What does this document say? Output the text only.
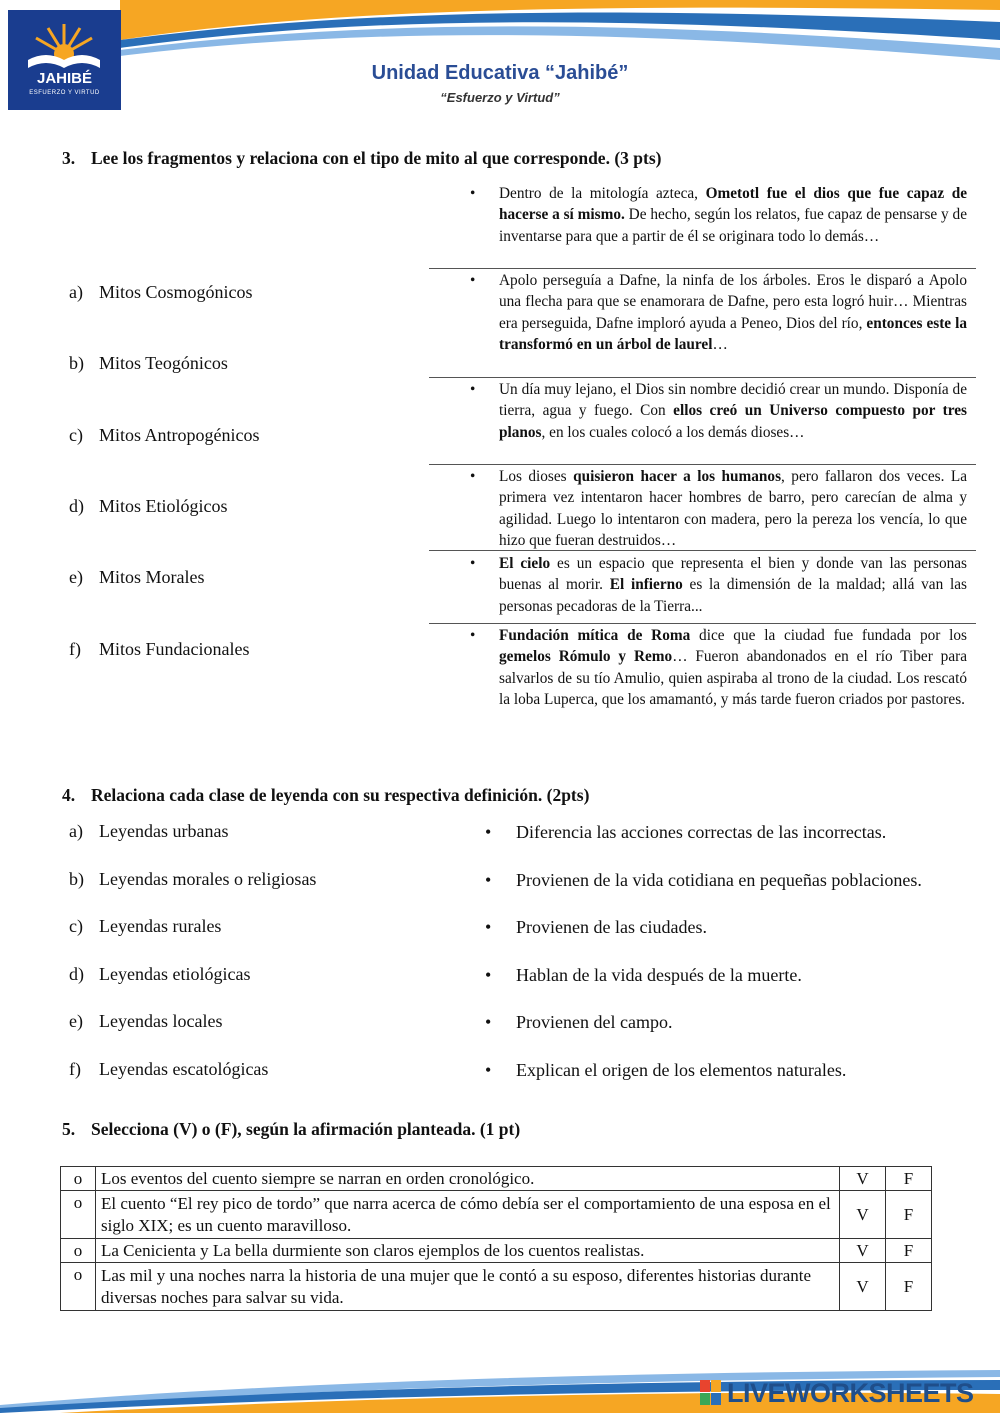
JAHIBÉ
ESFUERZO Y VIRTUD
Unidad Educativa “Jahibé”
“Esfuerzo y Virtud”
3. Lee los fragmentos y relaciona con el tipo de mito al que corresponde. (3 pts)
a) Mitos Cosmogónicos
b) Mitos Teogónicos
c) Mitos Antropogénicos
d) Mitos Etiológicos
e) Mitos Morales
f) Mitos Fundacionales
• Dentro de la mitología azteca, Ometotl fue el dios que fue capaz de hacerse a sí mismo. De hecho, según los relatos, fue capaz de pensarse y de inventarse para que a partir de él se originara todo lo demás…
• Apolo perseguía a Dafne, la ninfa de los árboles. Eros le disparó a Apolo una flecha para que se enamorara de Dafne, pero esta logró huir… Mientras era perseguida, Dafne imploró ayuda a Peneo, Dios del río, entonces este la transformó en un árbol de laurel…
• Un día muy lejano, el Dios sin nombre decidió crear un mundo. Disponía de tierra, agua y fuego. Con ellos creó un Universo compuesto por tres planos, en los cuales colocó a los demás dioses…
• Los dioses quisieron hacer a los humanos, pero fallaron dos veces. La primera vez intentaron hacer hombres de barro, pero carecían de alma y agilidad. Luego lo intentaron con madera, pero la pereza los vencía, lo que hizo que fueran destruidos…
• El cielo es un espacio que representa el bien y donde van las personas buenas al morir. El infierno es la dimensión de la maldad; allá van las personas pecadoras de la Tierra...
• Fundación mítica de Roma dice que la ciudad fue fundada por los gemelos Rómulo y Remo… Fueron abandonados en el río Tiber para salvarlos de su tío Amulio, quien aspiraba al trono de la ciudad. Los rescató la loba Luperca, que los amamantó, y más tarde fueron criados por pastores.
4. Relaciona cada clase de leyenda con su respectiva definición. (2pts)
a) Leyendas urbanas
b) Leyendas morales o religiosas
c) Leyendas rurales
d) Leyendas etiológicas
e) Leyendas locales
f) Leyendas escatológicas
• Diferencia las acciones correctas de las incorrectas.
• Provienen de la vida cotidiana en pequeñas poblaciones.
• Provienen de las ciudades.
• Hablan de la vida después de la muerte.
• Provienen del campo.
• Explican el origen de los elementos naturales.
5. Selecciona (V) o (F), según la afirmación planteada. (1 pt)
o	Los eventos del cuento siempre se narran en orden cronológico.	V	F
o	El cuento “El rey pico de tordo” que narra acerca de cómo debía ser el comportamiento de una esposa en el siglo XIX; es un cuento maravilloso.	V	F
o	La Cenicienta y La bella durmiente son claros ejemplos de los cuentos realistas.	V	F
o	Las mil y una noches narra la historia de una mujer que le contó a su esposo, diferentes historias durante diversas noches para salvar su vida.	V	F
LIVEWORKSHEETS
